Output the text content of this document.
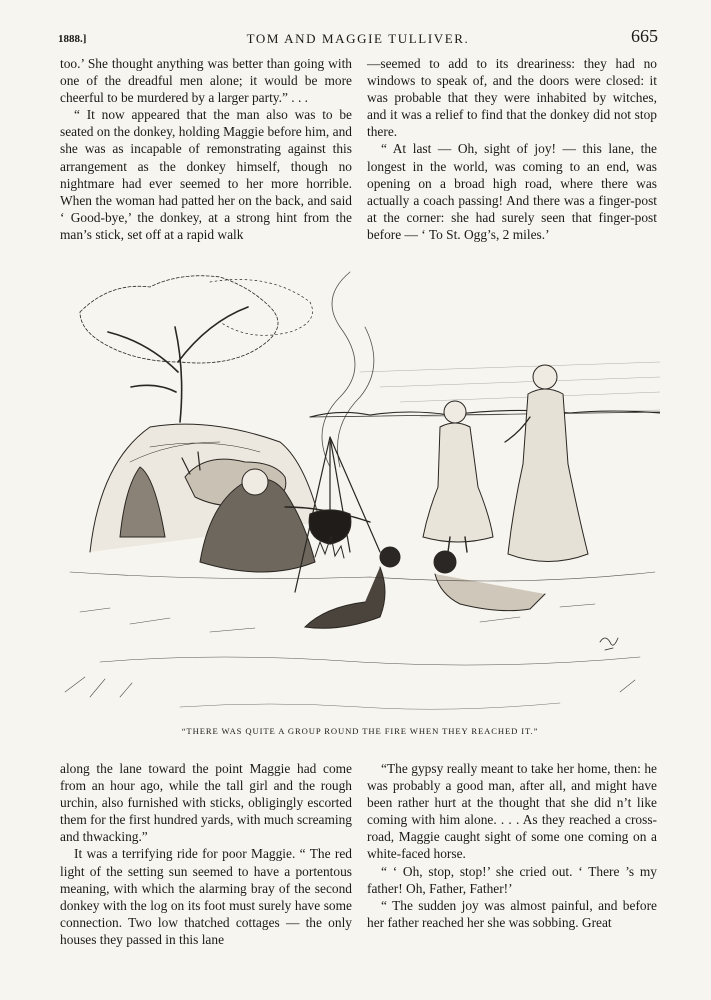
1888.]	TOM AND MAGGIE TULLIVER.	665

too.’ She thought anything was better than going with one of the dreadful men alone; it would be more cheerful to be murdered by a larger party.” . . .

“ It now appeared that the man also was to be seated on the donkey, holding Maggie before him, and she was as incapable of remonstrating against this arrangement as the donkey himself, though no nightmare had ever seemed to her more horrible. When the woman had patted her on the back, and said ‘ Good-bye,’ the donkey, at a strong hint from the man’s stick, set off at a rapid walk

—seemed to add to its dreariness: they had no windows to speak of, and the doors were closed: it was probable that they were inhabited by witches, and it was a relief to find that the donkey did not stop there.

“ At last — Oh, sight of joy! — this lane, the longest in the world, was coming to an end, was opening on a broad high road, where there was actually a coach passing! And there was a finger-post at the corner: she had surely seen that finger-post before — ‘ To St. Ogg’s, 2 miles.’

“THERE WAS QUITE A GROUP ROUND THE FIRE WHEN THEY REACHED IT.”

along the lane toward the point Maggie had come from an hour ago, while the tall girl and the rough urchin, also furnished with sticks, obligingly escorted them for the first hundred yards, with much screaming and thwacking.”

It was a terrifying ride for poor Maggie. “ The red light of the setting sun seemed to have a portentous meaning, with which the alarming bray of the second donkey with the log on its foot must surely have some connection. Two low thatched cottages — the only houses they passed in this lane

“The gypsy really meant to take her home, then: he was probably a good man, after all, and might have been rather hurt at the thought that she did n’t like coming with him alone. . . . As they reached a cross-road, Maggie caught sight of some one coming on a white-faced horse.

“ ‘ Oh, stop, stop!’ she cried out. ‘ There ’s my father! Oh, Father, Father!’

“ The sudden joy was almost painful, and before her father reached her she was sobbing. Great
